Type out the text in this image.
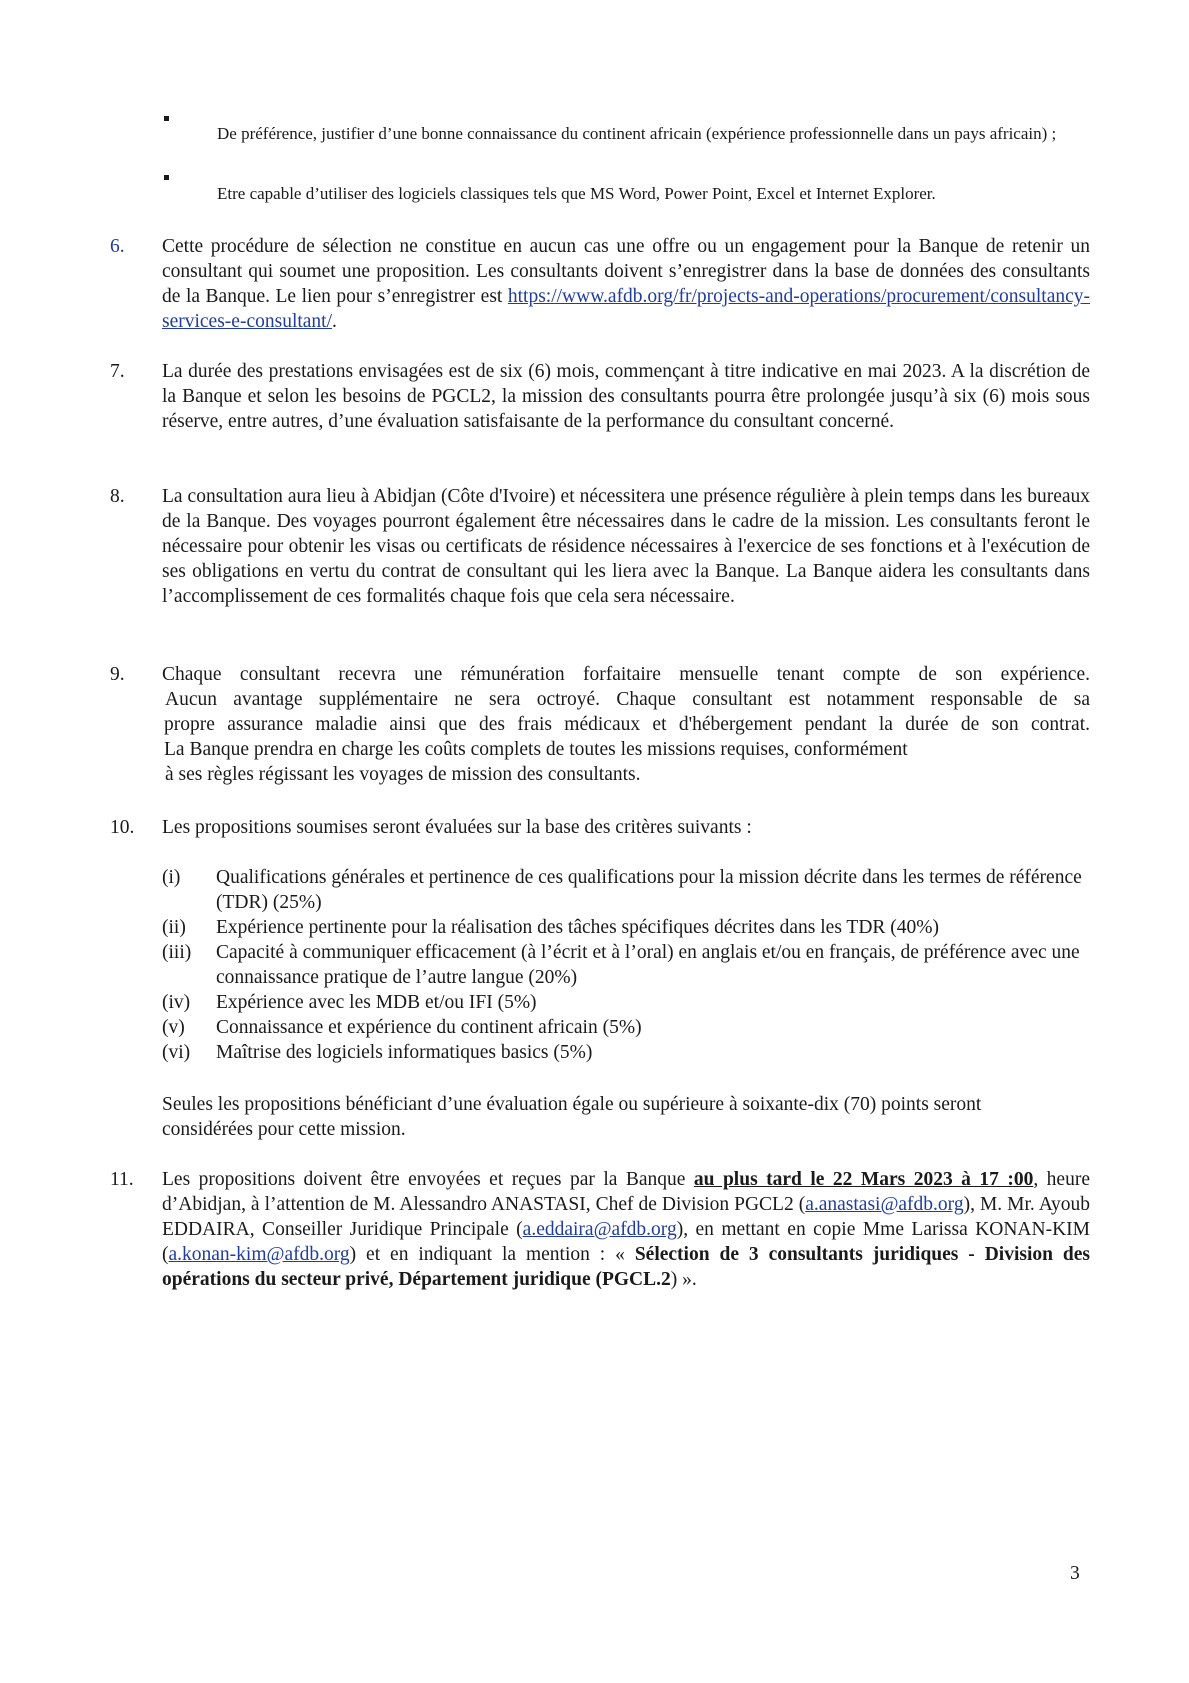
De préférence, justifier d’une bonne connaissance du continent africain (expérience professionnelle dans un pays africain) ;
Etre capable d’utiliser des logiciels classiques tels que MS Word, Power Point, Excel et Internet Explorer.
6. Cette procédure de sélection ne constitue en aucun cas une offre ou un engagement pour la Banque de retenir un consultant qui soumet une proposition. Les consultants doivent s’enregistrer dans la base de données des consultants de la Banque. Le lien pour s’enregistrer est https://www.afdb.org/fr/projects-and-operations/procurement/consultancy-services-e-consultant/.
7. La durée des prestations envisagées est de six (6) mois, commençant à titre indicative en mai 2023. A la discrétion de la Banque et selon les besoins de PGCL2, la mission des consultants pourra être prolongée jusqu’à six (6) mois sous réserve, entre autres, d’une évaluation satisfaisante de la performance du consultant concerné.
8. La consultation aura lieu à Abidjan (Côte d'Ivoire) et nécessitera une présence régulière à plein temps dans les bureaux de la Banque. Des voyages pourront également être nécessaires dans le cadre de la mission. Les consultants feront le nécessaire pour obtenir les visas ou certificats de résidence nécessaires à l'exercice de ses fonctions et à l'exécution de ses obligations en vertu du contrat de consultant qui les liera avec la Banque. La Banque aidera les consultants dans l’accomplissement de ces formalités chaque fois que cela sera nécessaire.
9. Chaque consultant recevra une rémunération forfaitaire mensuelle tenant compte de son expérience.
Aucun avantage supplémentaire ne sera octroyé. Chaque consultant est notamment responsable de sa
propre assurance maladie ainsi que des frais médicaux et d'hébergement pendant la durée de son contrat.
La Banque prendra en charge les coûts complets de toutes les missions requises, conformément
à ses règles régissant les voyages de mission des consultants.
10. Les propositions soumises seront évaluées sur la base des critères suivants :
(i) Qualifications générales et pertinence de ces qualifications pour la mission décrite dans les termes de référence (TDR) (25%)
(ii) Expérience pertinente pour la réalisation des tâches spécifiques décrites dans les TDR (40%)
(iii) Capacité à communiquer efficacement (à l’écrit et à l’oral) en anglais et/ou en français, de préférence avec une connaissance pratique de l’autre langue (20%)
(iv) Expérience avec les MDB et/ou IFI (5%)
(v) Connaissance et expérience du continent africain (5%)
(vi) Maîtrise des logiciels informatiques basics (5%)
Seules les propositions bénéficiant d’une évaluation égale ou supérieure à soixante-dix (70) points seront considérées pour cette mission.
11. Les propositions doivent être envoyées et reçues par la Banque au plus tard le 22 Mars 2023 à 17 :00, heure d’Abidjan, à l’attention de M. Alessandro ANASTASI, Chef de Division PGCL2 (a.anastasi@afdb.org), M. Mr. Ayoub EDDAIRA, Conseiller Juridique Principale (a.eddaira@afdb.org), en mettant en copie Mme Larissa KONAN-KIM (a.konan-kim@afdb.org) et en indiquant la mention : « Sélection de 3 consultants juridiques - Division des opérations du secteur privé, Département juridique (PGCL.2) ».
3
